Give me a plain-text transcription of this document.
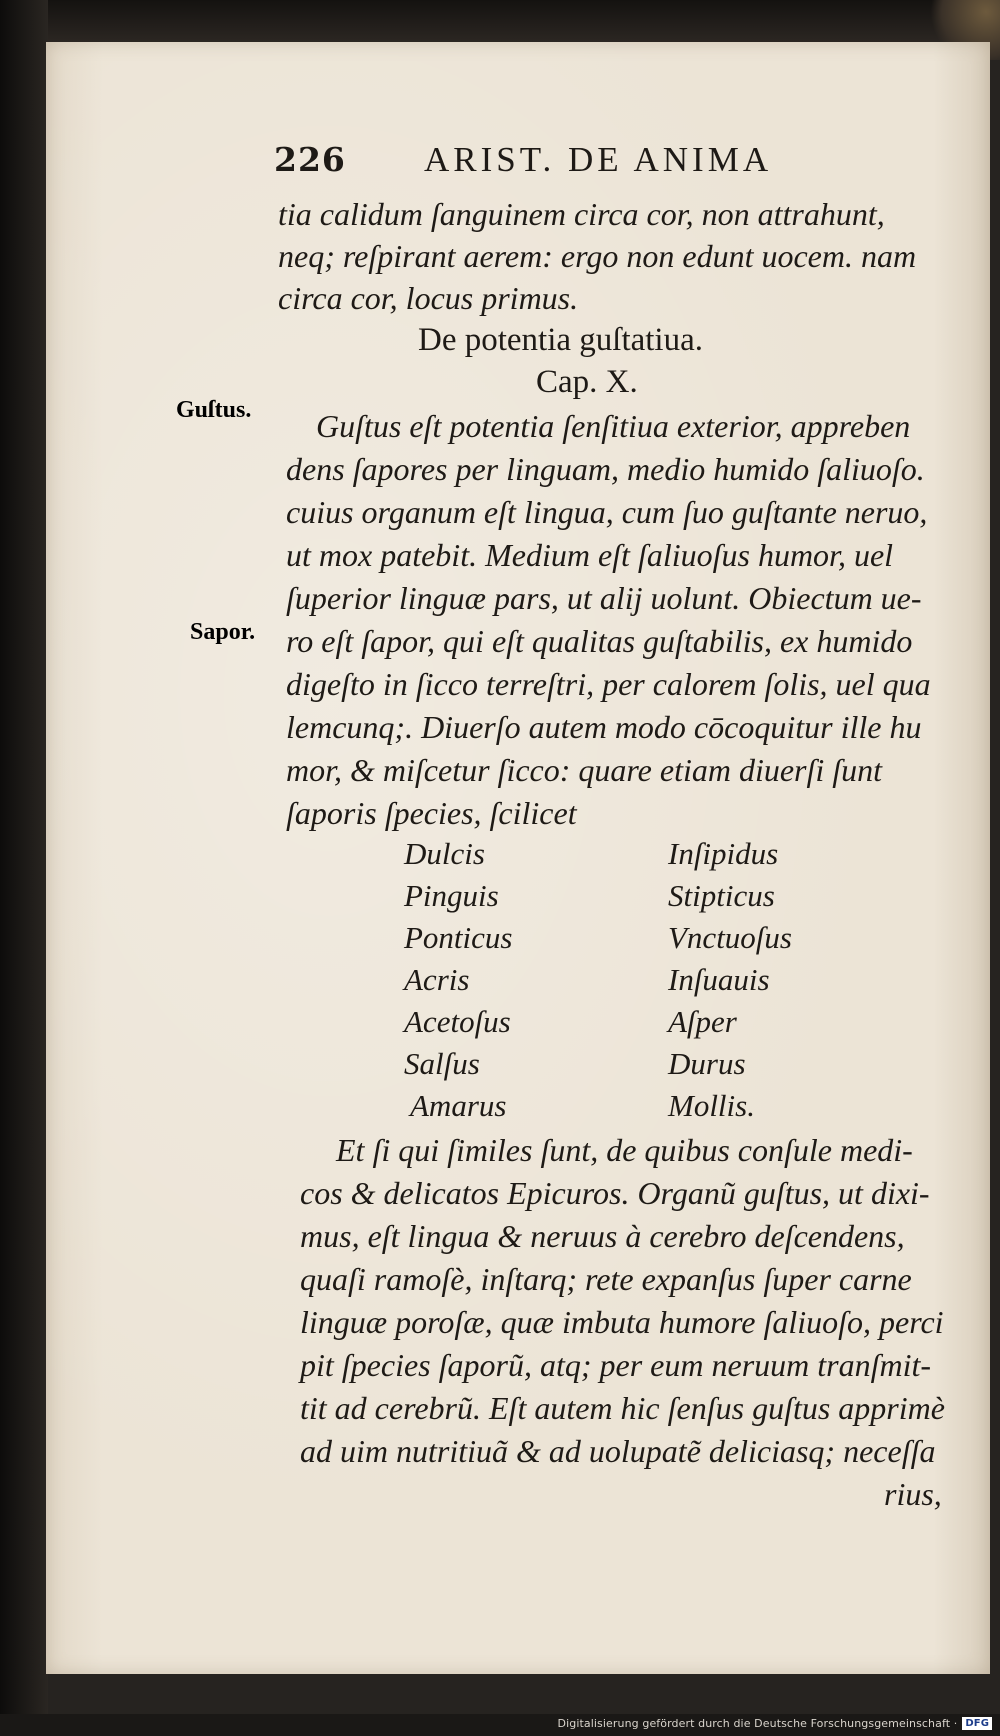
226 ARIST. DE ANIMA
tia calidum ſanguinem circa cor, non attrahunt,
neq; reſpirant aerem: ergo non edunt uocem. nam
circa cor, locus primus.
De potentia guſtatiua.
Cap. X.
Guſtus.
Sapor.
Guſtus eſt potentia ſenſitiua exterior, appreben
dens ſapores per linguam, medio humido ſaliuoſo.
cuius organum eſt lingua, cum ſuo guſtante neruo,
ut mox patebit. Medium eſt ſaliuoſus humor, uel
ſuperior linguæ pars, ut alij uolunt. Obiectum ue-
ro eſt ſapor, qui eſt qualitas guſtabilis, ex humido
digeſto in ſicco terreſtri, per calorem ſolis, uel qua
lemcunq;. Diuerſo autem modo cōcoquitur ille hu
mor, & miſcetur ſicco: quare etiam diuerſi ſunt
ſaporis ſpecies, ſcilicet
Dulcis
Pinguis
Ponticus
Acris
Acetoſus
Salſus
Amarus
Inſipidus
Stipticus
Vnctuoſus
Inſuauis
Aſper
Durus
Mollis.
Et ſi qui ſimiles ſunt, de quibus conſule medi-
cos & delicatos Epicuros. Organũ guſtus, ut dixi-
mus, eſt lingua & neruus à cerebro deſcendens,
quaſi ramoſè, inſtarq; rete expanſus ſuper carne
linguæ poroſæ, quæ imbuta humore ſaliuoſo, perci
pit ſpecies ſaporũ, atq; per eum neruum tranſmit-
tit ad cerebrũ. Eſt autem hic ſenſus guſtus apprimè
ad uim nutritiuã & ad uolupatẽ deliciasq; neceſſa
rius,
Digitalisierung gefördert durch die Deutsche Forschungsgemeinschaft · DFG
